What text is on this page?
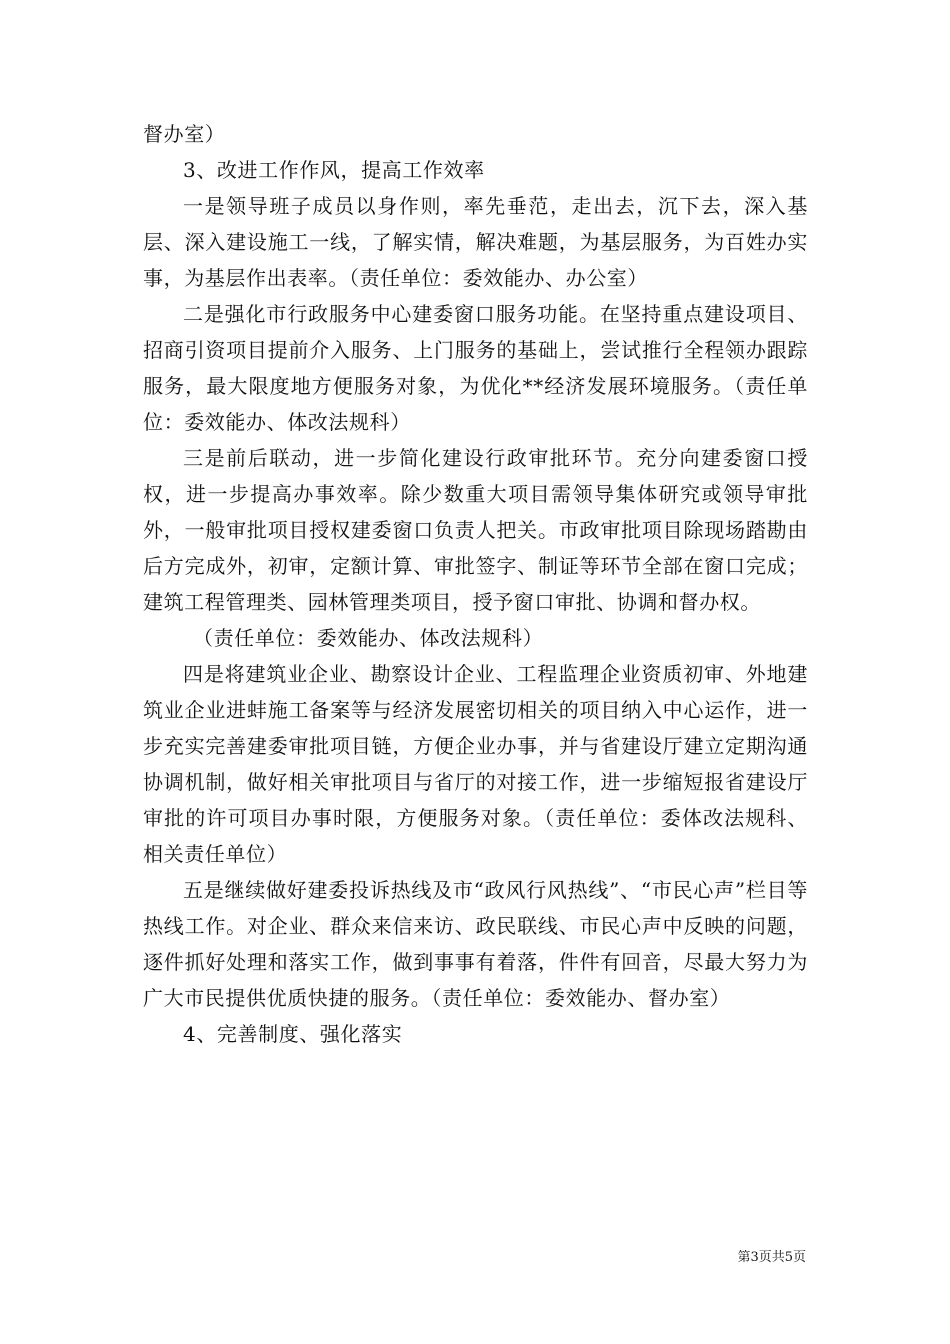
督办室）

3、改进工作作风，提高工作效率

一是领导班子成员以身作则，率先垂范，走出去，沉下去，深入基层、深入建设施工一线，了解实情，解决难题，为基层服务，为百姓办实事，为基层作出表率。（责任单位：委效能办、办公室）

二是强化市行政服务中心建委窗口服务功能。在坚持重点建设项目、招商引资项目提前介入服务、上门服务的基础上，尝试推行全程领办跟踪服务，最大限度地方便服务对象，为优化**经济发展环境服务。（责任单位：委效能办、体改法规科）

三是前后联动，进一步简化建设行政审批环节。充分向建委窗口授权，进一步提高办事效率。除少数重大项目需领导集体研究或领导审批外，一般审批项目授权建委窗口负责人把关。市政审批项目除现场踏勘由后方完成外，初审，定额计算、审批签字、制证等环节全部在窗口完成；建筑工程管理类、园林管理类项目，授予窗口审批、协调和督办权。

（责任单位：委效能办、体改法规科）

四是将建筑业企业、勘察设计企业、工程监理企业资质初审、外地建筑业企业进蚌施工备案等与经济发展密切相关的项目纳入中心运作，进一步充实完善建委审批项目链，方便企业办事，并与省建设厅建立定期沟通协调机制，做好相关审批项目与省厅的对接工作，进一步缩短报省建设厅审批的许可项目办事时限，方便服务对象。（责任单位：委体改法规科、相关责任单位）

五是继续做好建委投诉热线及市“政风行风热线”、“市民心声”栏目等热线工作。对企业、群众来信来访、政民联线、市民心声中反映的问题，逐件抓好处理和落实工作，做到事事有着落，件件有回音，尽最大努力为广大市民提供优质快捷的服务。（责任单位：委效能办、督办室）

4、完善制度、强化落实

第3页共5页
